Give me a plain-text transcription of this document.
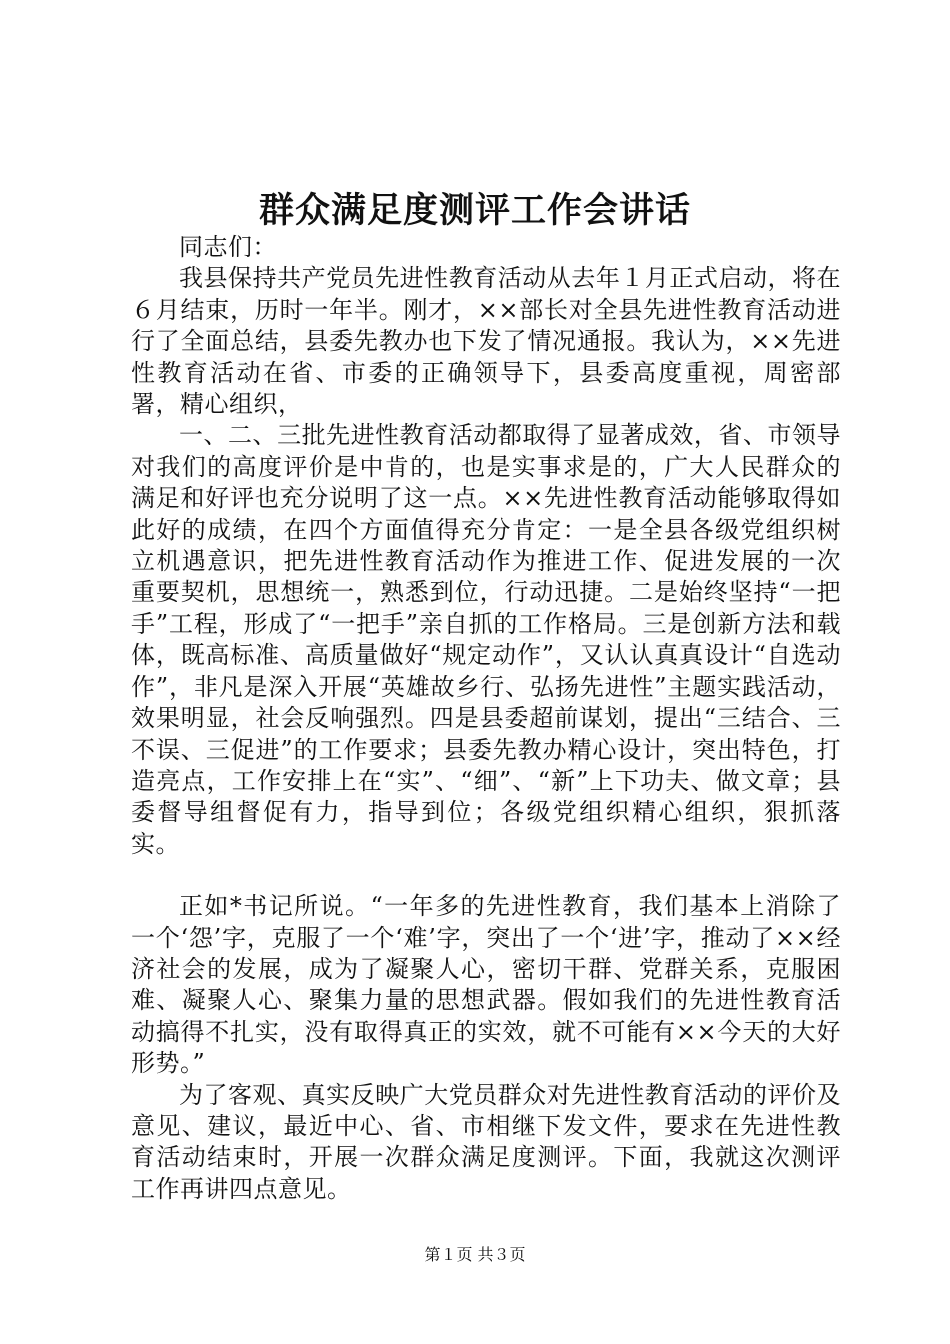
群众满足度测评工作会讲话

同志们：

我县保持共产党员先进性教育活动从去年１月正式启动，将在６月结束，历时一年半。刚才，××部长对全县先进性教育活动进行了全面总结，县委先教办也下发了情况通报。我认为，××先进性教育活动在省、市委的正确领导下，县委高度重视，周密部署，精心组织，

一、二、三批先进性教育活动都取得了显著成效，省、市领导对我们的高度评价是中肯的，也是实事求是的，广大人民群众的满足和好评也充分说明了这一点。××先进性教育活动能够取得如此好的成绩，在四个方面值得充分肯定：一是全县各级党组织树立机遇意识，把先进性教育活动作为推进工作、促进发展的一次重要契机，思想统一，熟悉到位，行动迅捷。二是始终坚持“一把手”工程，形成了“一把手”亲自抓的工作格局。三是创新方法和载体，既高标准、高质量做好“规定动作”，又认认真真设计“自选动作”，非凡是深入开展“英雄故乡行、弘扬先进性”主题实践活动，效果明显，社会反响强烈。四是县委超前谋划，提出“三结合、三不误、三促进”的工作要求；县委先教办精心设计，突出特色，打造亮点，工作安排上在“实”、“细”、“新”上下功夫、做文章；县委督导组督促有力，指导到位；各级党组织精心组织，狠抓落实。

正如*书记所说。“一年多的先进性教育，我们基本上消除了一个‘怨’字，克服了一个‘难’字，突出了一个‘进’字，推动了××经济社会的发展，成为了凝聚人心，密切干群、党群关系，克服困难、凝聚人心、聚集力量的思想武器。假如我们的先进性教育活动搞得不扎实，没有取得真正的实效，就不可能有××今天的大好形势。”

为了客观、真实反映广大党员群众对先进性教育活动的评价及意见、建议，最近中心、省、市相继下发文件，要求在先进性教育活动结束时，开展一次群众满足度测评。下面，我就这次测评工作再讲四点意见。

第１页 共３页
